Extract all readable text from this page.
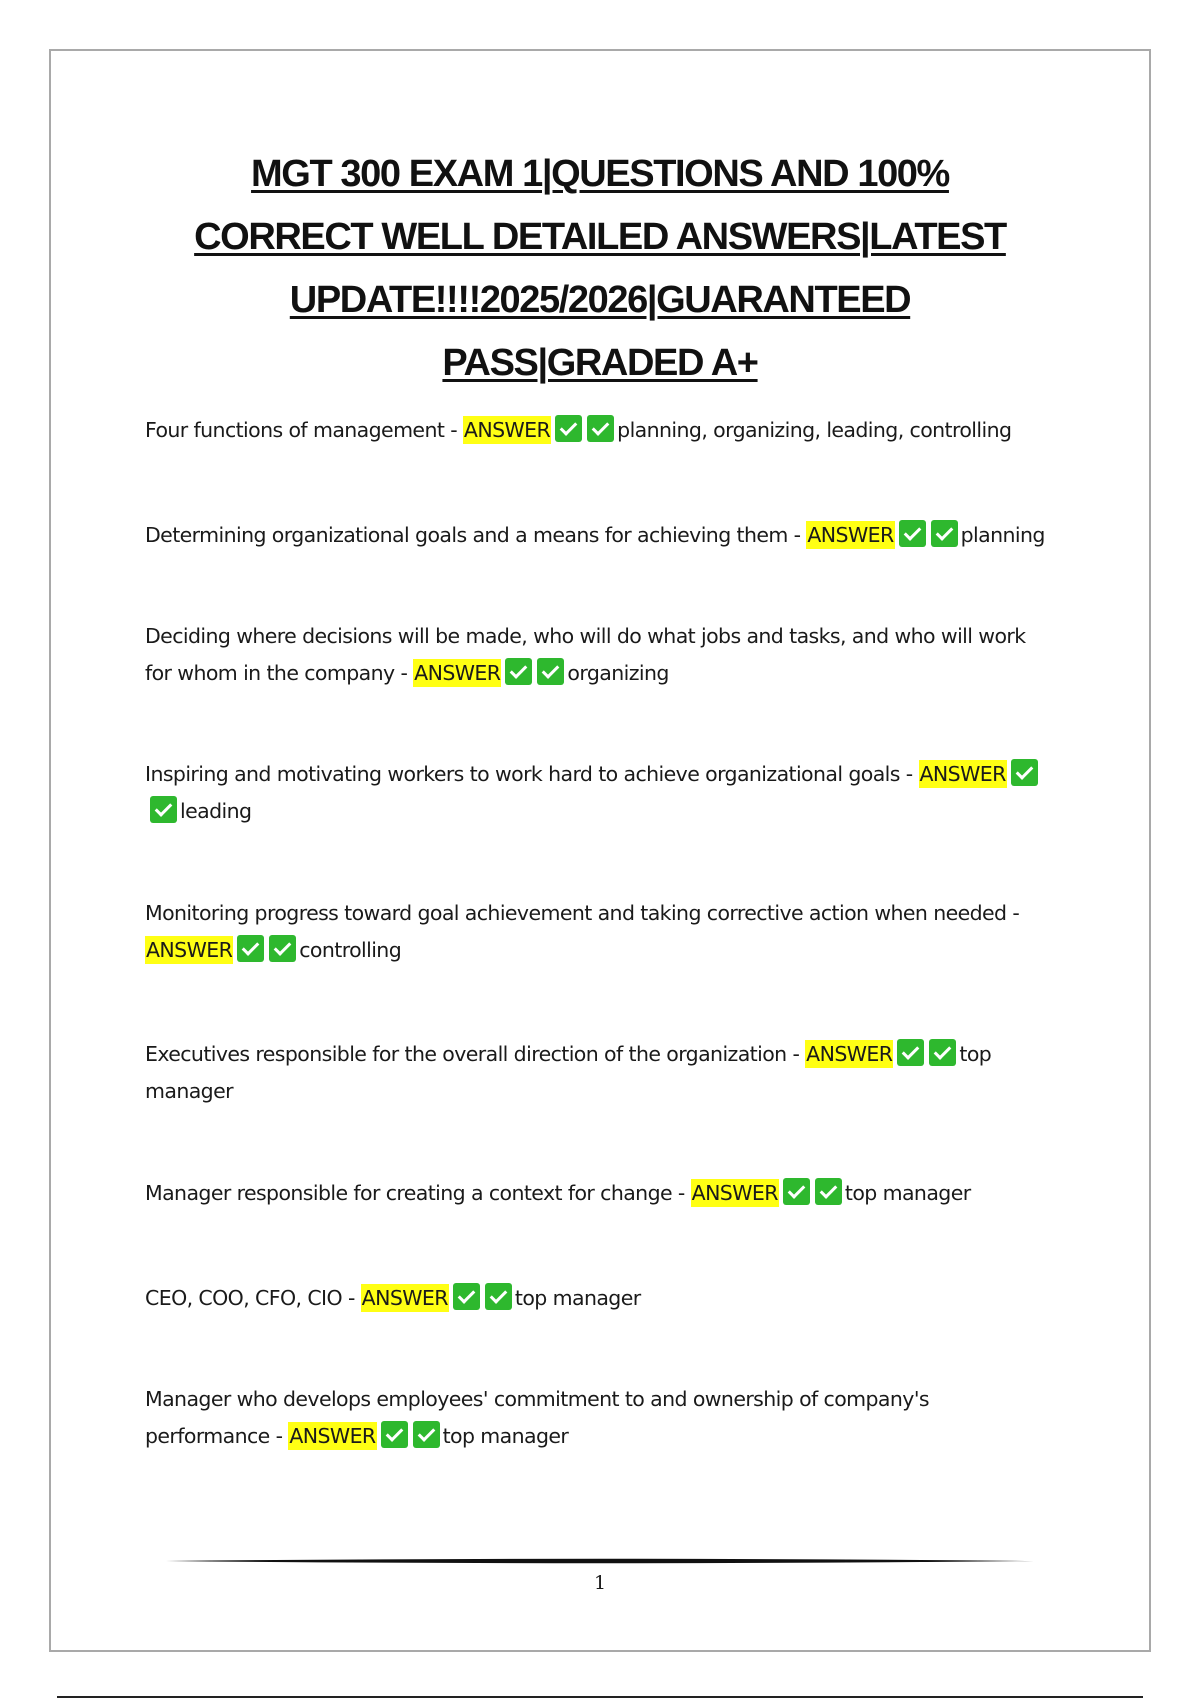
MGT 300 EXAM 1|QUESTIONS AND 100%
CORRECT WELL DETAILED ANSWERS|LATEST
UPDATE!!!!2025/2026|GUARANTEED
PASS|GRADED A+
Four functions of management - ANSWER	planning, organizing, leading, controlling
Determining organizational goals and a means for achieving them - ANSWER	planning
Deciding where decisions will be made, who will do what jobs and tasks, and who will work for whom in the company - ANSWER	organizing
Inspiring and motivating workers to work hard to achieve organizational goals - ANSWERleading
Monitoring progress toward goal achievement and taking corrective action when needed - ANSWER	controlling
Executives responsible for the overall direction of the organization - ANSWER	top manager
Manager responsible for creating a context for change - ANSWER	top manager
CEO, COO, CFO, CIO - ANSWER	top manager
Manager who develops employees' commitment to and ownership of company's performance - ANSWER	top manager
1
